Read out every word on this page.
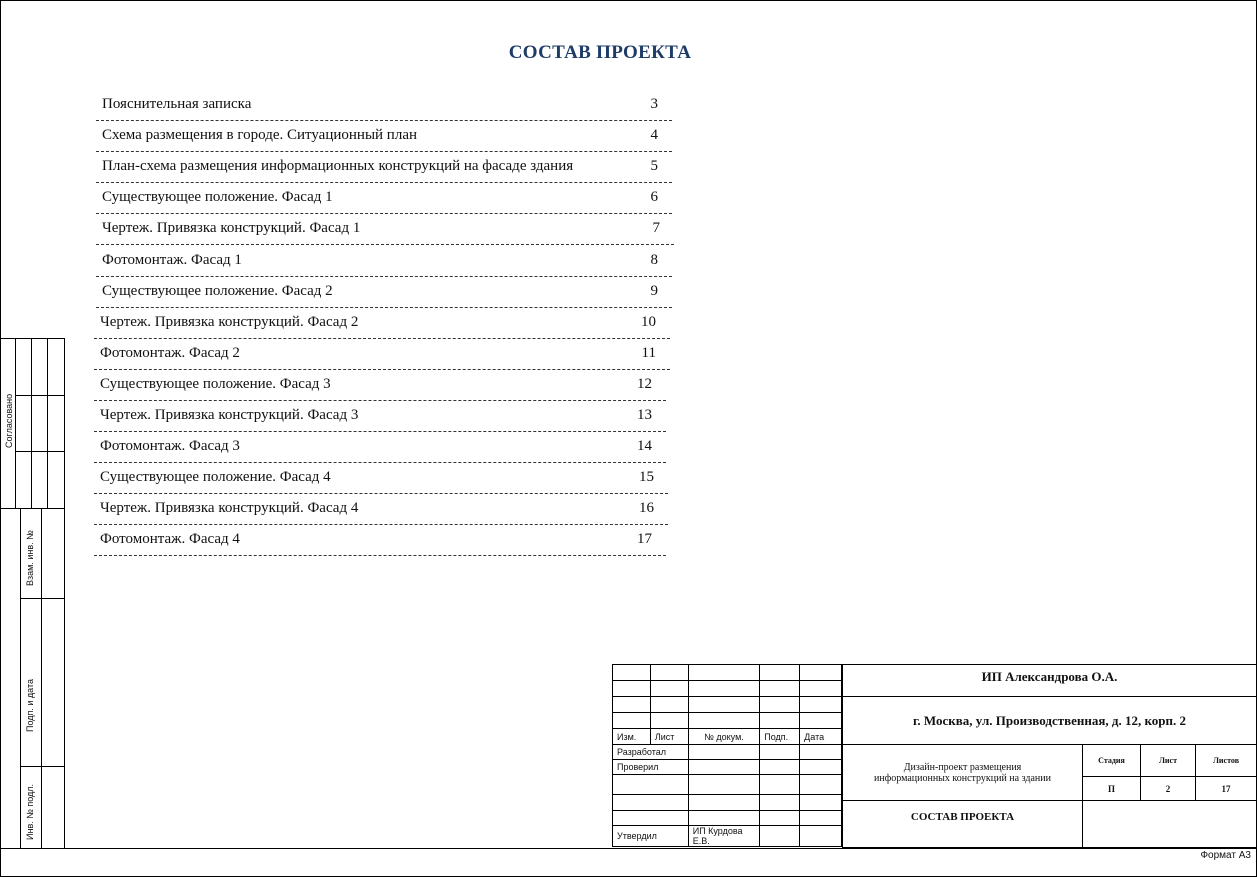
СОСТАВ ПРОЕКТА
Пояснительная записка	3
Схема размещения в городе. Ситуационный план	4
План-схема размещения информационных конструкций на фасаде здания	5
Существующее положение. Фасад 1	6
Чертеж. Привязка конструкций. Фасад 1	7
Фотомонтаж. Фасад 1	8
Существующее положение. Фасад 2	9
Чертеж. Привязка конструкций. Фасад 2	10
Фотомонтаж. Фасад 2	11
Существующее положение. Фасад 3	12
Чертеж. Привязка конструкций. Фасад 3	13
Фотомонтаж. Фасад 3	14
Существующее положение. Фасад 4	15
Чертеж. Привязка конструкций. Фасад 4	16
Фотомонтаж. Фасад 4	17
Согласовано
Взам. инв. №
Подп. и дата
Инв. № подл.

Изм.	Лист	№ докум.	Подп.	Дата
Разработал				
Проверил				

Утвердил		ИП Курдова Е.В.		
ИП Александрова О.А.
г. Москва, ул. Производственная, д. 12, корп. 2
Дизайн-проект размещения
информационных конструкций на здании
Стадия	Лист	Листов
П	2	17
СОСТАВ ПРОЕКТА
Формат А3
